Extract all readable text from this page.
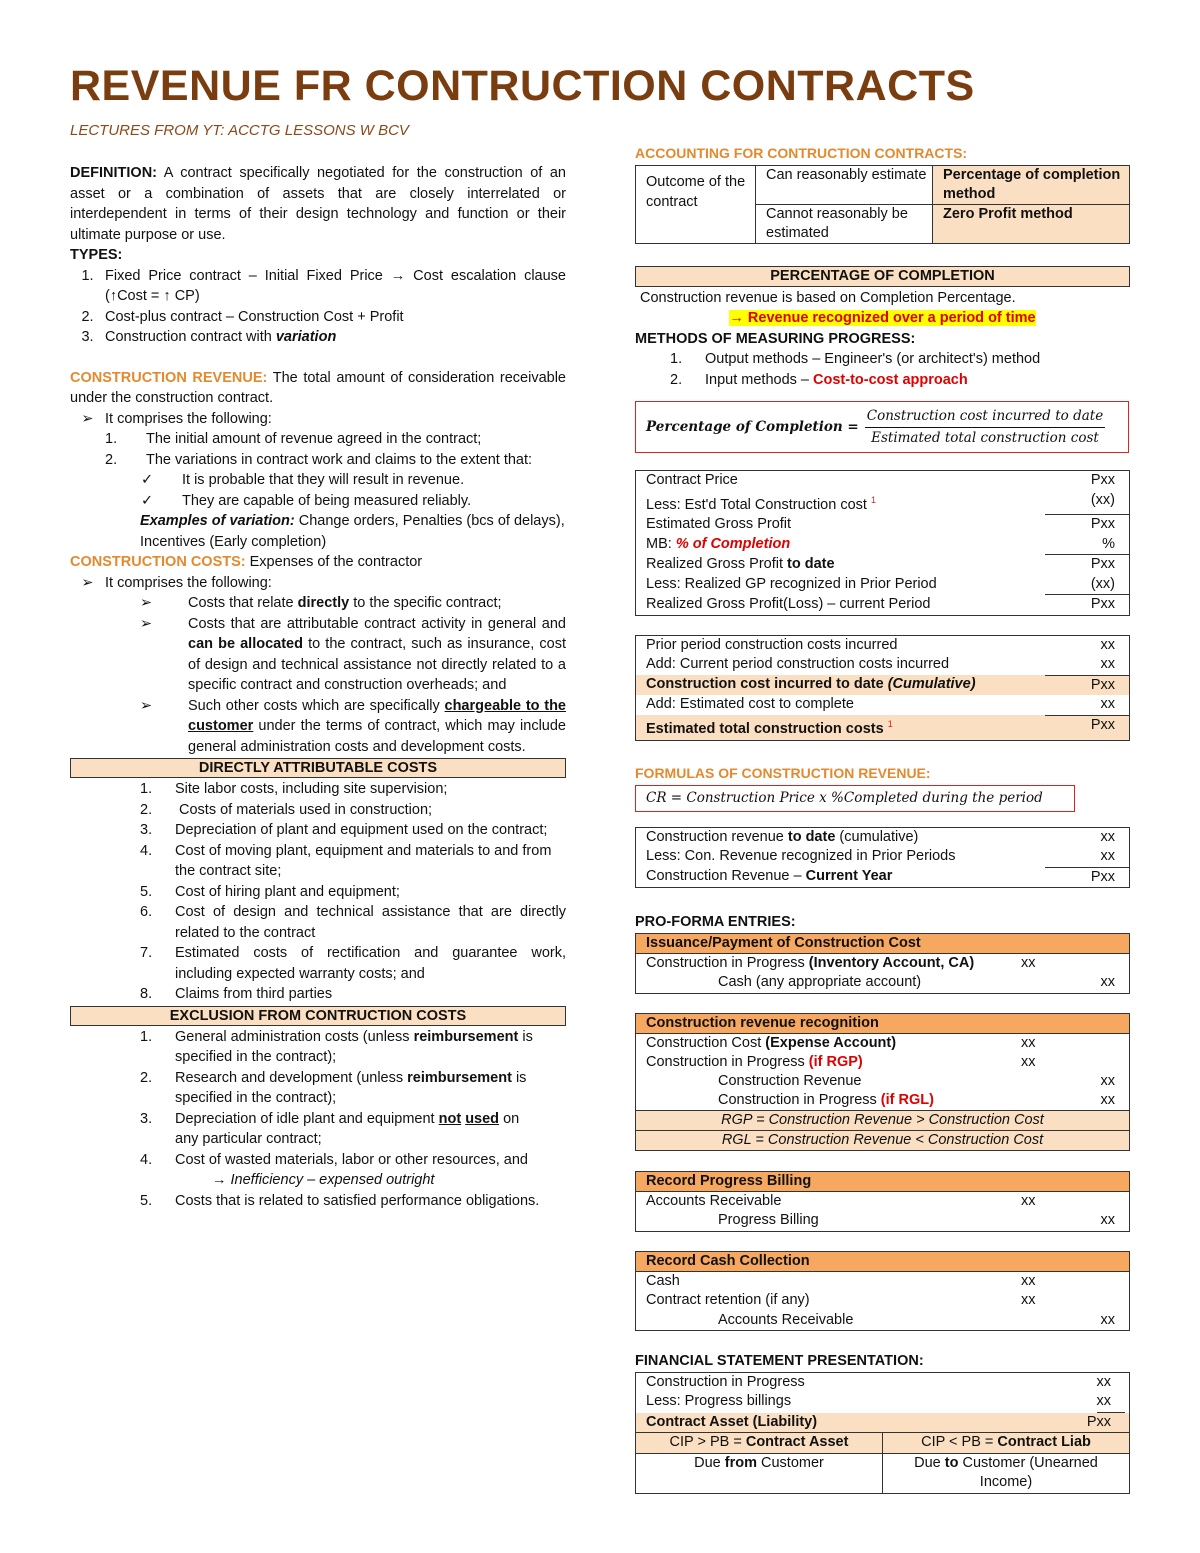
REVENUE FR CONTRUCTION CONTRACTS
LECTURES FROM YT: ACCTG LESSONS W BCV

DEFINITION: A contract specifically negotiated for the construction of an asset or a combination of assets that are closely interrelated or interdependent in terms of their design technology and function or their ultimate purpose or use.

TYPES:

1. Fixed Price contract – Initial Fixed Price → Cost escalation clause (↑Cost = ↑ CP)
2. Cost-plus contract – Construction Cost + Profit
3. Construction contract with variation

CONSTRUCTION REVENUE: The total amount of consideration receivable under the construction contract.

➢ It comprises the following:
1.	The initial amount of revenue agreed in the contract;
2.	The variations in contract work and claims to the extent that:
✓	It is probable that they will result in revenue.
✓	They are capable of being measured reliably.

Examples of variation: Change orders, Penalties (bcs of delays), Incentives (Early completion)

CONSTRUCTION COSTS: Expenses of the contractor

➢ It comprises the following:
➢	Costs that relate directly to the specific contract;
➢	Costs that are attributable contract activity in general and can be allocated to the contract, such as insurance, cost of design and technical assistance not directly related to a specific contract and construction overheads; and
➢	Such other costs which are specifically chargeable to the customer under the terms of contract, which may include general administration costs and development costs.
DIRECTLY ATTRIBUTABLE COSTS
1.	Site labor costs, including site supervision;
2.	Costs of materials used in construction;
3.	Depreciation of plant and equipment used on the contract;
4.	Cost of moving plant, equipment and materials to and from the contract site;
5.	Cost of hiring plant and equipment;
6.	Cost of design and technical assistance that are directly related to the contract
7.	Estimated costs of rectification and guarantee work, including expected warranty costs; and
8.	Claims from third parties
EXCLUSION FROM CONTRUCTION COSTS
1.	General administration costs (unless reimbursement is specified in the contract);
2.	Research and development (unless reimbursement is specified in the contract);
3.	Depreciation of idle plant and equipment not used on any particular contract;
4.	Cost of wasted materials, labor or other resources, and

→ Inefficiency – expensed outright

5.	Costs that is related to satisfied performance obligations.

ACCOUNTING FOR CONTRUCTION CONTRACTS:

Outcome of the contract	Can reasonably estimate	Percentage of completion method
	Cannot reasonably be estimated	Zero Profit method
PERCENTAGE OF COMPLETION

Construction revenue is based on Completion Percentage.

→ Revenue recognized over a period of time

METHODS OF MEASURING PROGRESS:

1.	Output methods – Engineer's (or architect's) method
2.	Input methods – Cost-to-cost approach
Percentage of Completion = $\frac{\text{Construction cost incurred to date}}{\text{Estimated total construction cost}}$
Contract Price	Pxx
Less: Est'd Total Construction cost $^1$	(xx)
Estimated Gross Profit	Pxx
MB: % of Completion	%
Realized Gross Profit to date	Pxx
Less: Realized GP recognized in Prior Period	(xx)
Realized Gross Profit(Loss) – current Period	Pxx
Prior period construction costs incurred	xx
Add: Current period construction costs incurred	xx
Construction cost incurred to date (Cumulative)	Pxx
Add: Estimated cost to complete	xx
Estimated total construction costs $^1$	Pxx

FORMULAS OF CONSTRUCTION REVENUE:

CR = Construction Price x %Completed during the period
Construction revenue to date (cumulative)	xx
Less: Con. Revenue recognized in Prior Periods	xx
Construction Revenue – Current Year	Pxx

PRO-FORMA ENTRIES:

Issuance/Payment of Construction Cost
Construction in Progress (Inventory Account, CA)	xx	
Cash (any appropriate account)		xx
Construction revenue recognition
Construction Cost (Expense Account)	xx	
Construction in Progress (if RGP)	xx	
Construction Revenue		xx
Construction in Progress (if RGL)		xx
RGP = Construction Revenue > Construction Cost
RGL = Construction Revenue < Construction Cost
Record Progress Billing
Accounts Receivable	xx	
Progress Billing		xx
Record Cash Collection
Cash	xx	
Contract retention (if any)	xx	
Accounts Receivable		xx

FINANCIAL STATEMENT PRESENTATION:

Construction in Progress xx	

Less: Progress billings xx	

Contract Asset (Liability) Pxx	

CIP > PB = Contract Asset	CIP < PB = Contract Liab
Due from Customer	Due to Customer (Unearned Income)
